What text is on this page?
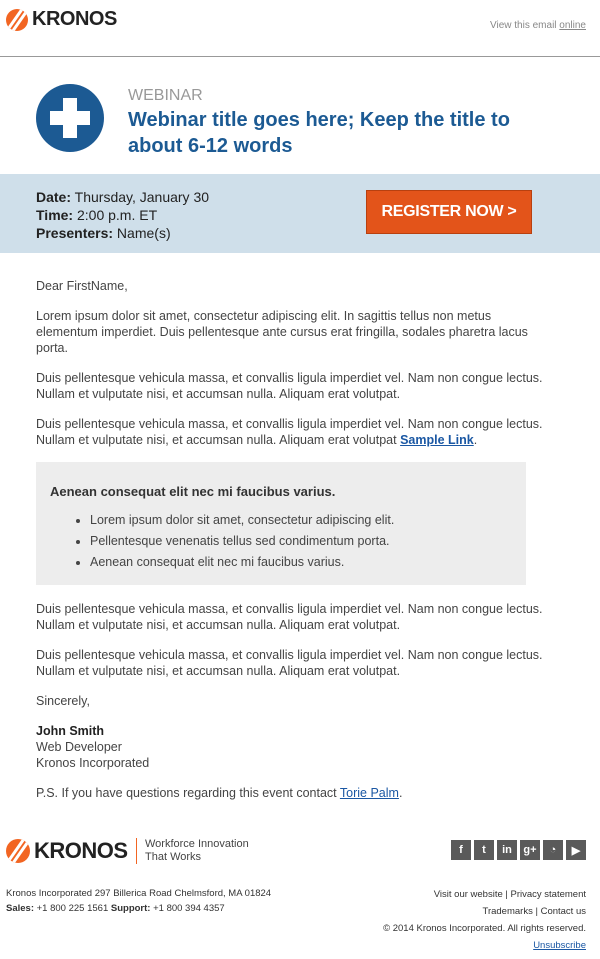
KRONOS	View this email online
WEBINAR
Webinar title goes here; Keep the title to about 6-12 words
Date: Thursday, January 30
Time: 2:00 p.m. ET
Presenters: Name(s)
REGISTER NOW >

Dear FirstName,

Lorem ipsum dolor sit amet, consectetur adipiscing elit. In sagittis tellus non metus elementum imperdiet. Duis pellentesque ante cursus erat fringilla, sodales pharetra lacus porta.

Duis pellentesque vehicula massa, et convallis ligula imperdiet vel. Nam non congue lectus. Nullam et vulputate nisi, et accumsan nulla. Aliquam erat volutpat.

Duis pellentesque vehicula massa, et convallis ligula imperdiet vel. Nam non congue lectus. Nullam et vulputate nisi, et accumsan nulla. Aliquam erat volutpat Sample Link.

Aenean consequat elit nec mi faucibus varius.
• Lorem ipsum dolor sit amet, consectetur adipiscing elit.
• Pellentesque venenatis tellus sed condimentum porta.
• Aenean consequat elit nec mi faucibus varius.

Duis pellentesque vehicula massa, et convallis ligula imperdiet vel. Nam non congue lectus. Nullam et vulputate nisi, et accumsan nulla. Aliquam erat volutpat.

Duis pellentesque vehicula massa, et convallis ligula imperdiet vel. Nam non congue lectus. Nullam et vulputate nisi, et accumsan nulla. Aliquam erat volutpat.

Sincerely,

John Smith
Web Developer
Kronos Incorporated

P.S. If you have questions regarding this event contact Torie Palm.

KRONOS Workforce Innovation
That Works
f	t	in	g+	◔	▶
Kronos Incorporated 297 Billerica Road Chelmsford, MA 01824
Sales: +1 800 225 1561 Support: +1 800 394 4357
Visit our website | Privacy statement
Trademarks | Contact us
© 2014 Kronos Incorporated. All rights reserved.
Unsubscribe
